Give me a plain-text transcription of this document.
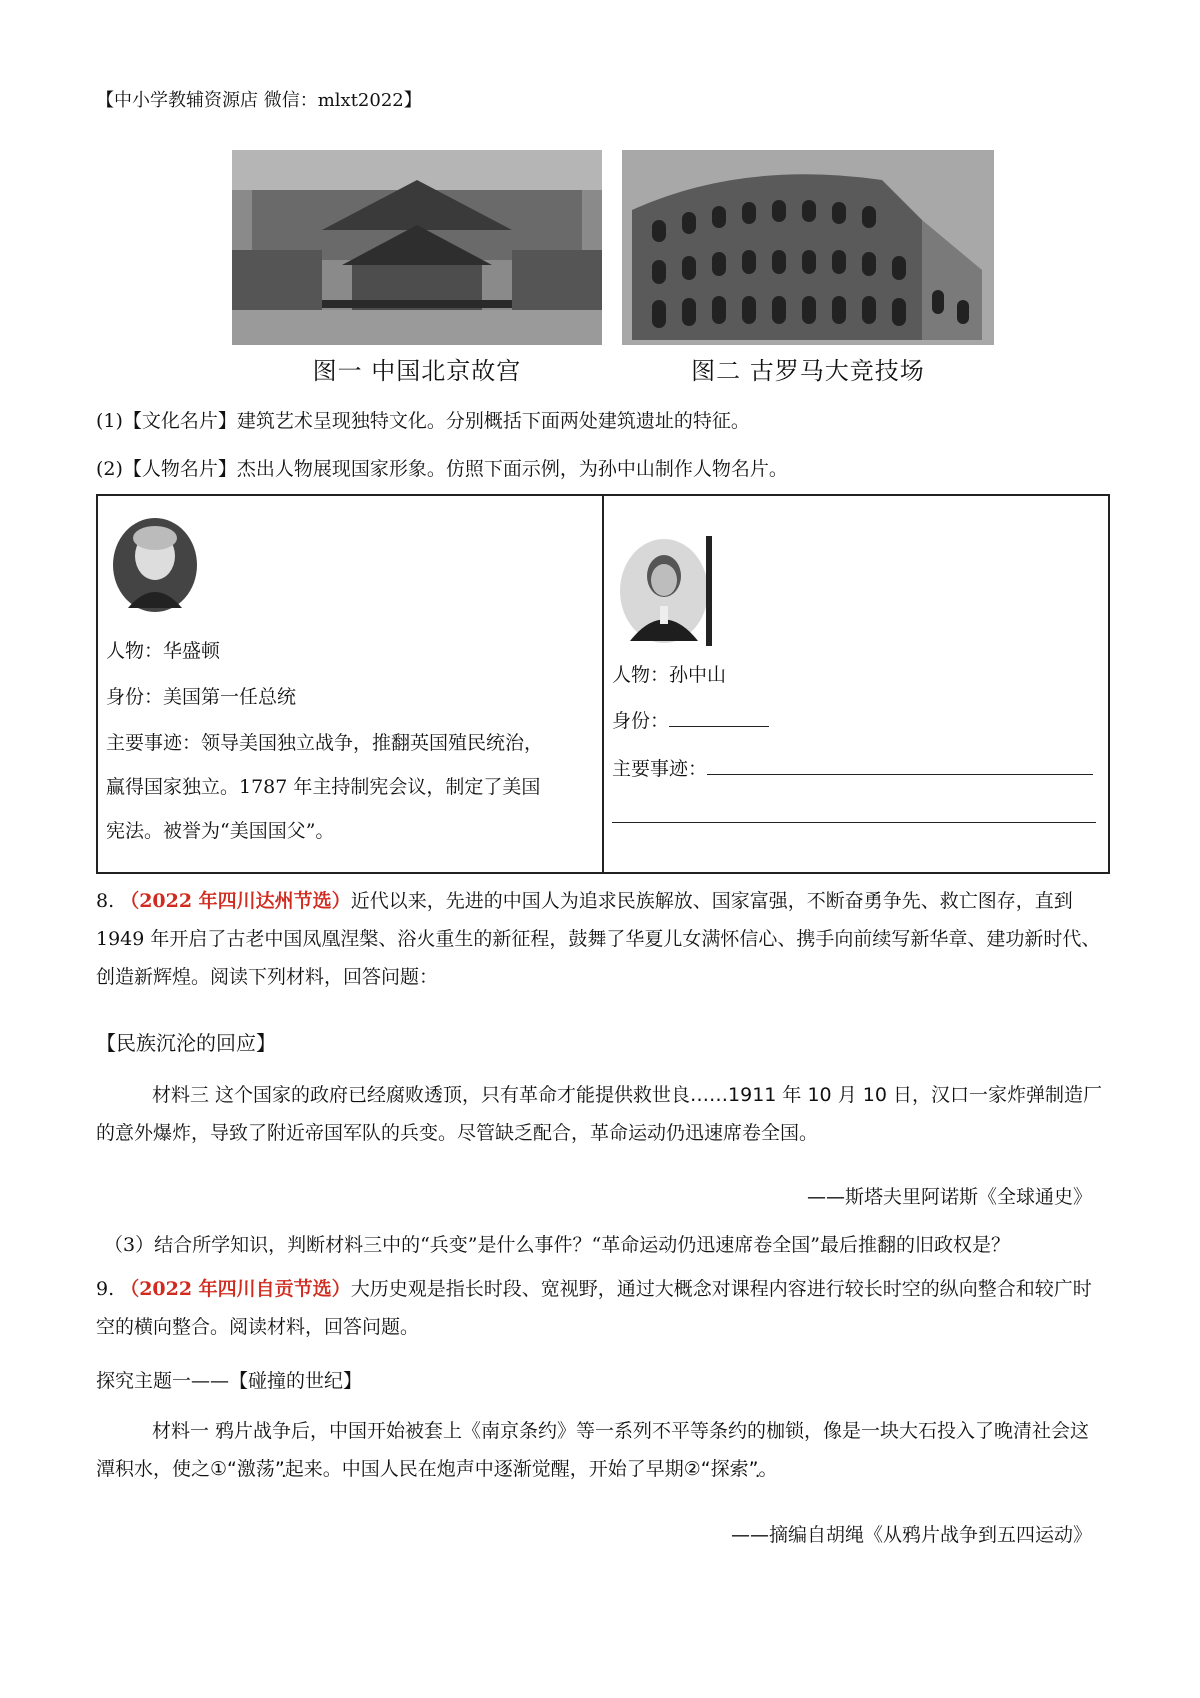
【中小学教辅资源店 微信：mlxt2022】
图一 中国北京故宫	图二 古罗马大竞技场
(1)【文化名片】建筑艺术呈现独特文化。分别概括下面两处建筑遗址的特征。
(2)【人物名片】杰出人物展现国家形象。仿照下面示例，为孙中山制作人物名片。
人物：华盛顿
身份：美国第一任总统
主要事迹：领导美国独立战争，推翻英国殖民统治，
赢得国家独立。1787 年主持制宪会议，制定了美国
宪法。被誉为“美国国父”。
人物：孙中山
身份：
主要事迹：
8. （2022 年四川达州节选）近代以来，先进的中国人为追求民族解放、国家富强，不断奋勇争先、救亡图存，直到 1949 年开启了古老中国凤凰涅槃、浴火重生的新征程，鼓舞了华夏儿女满怀信心、携手向前续写新华章、建功新时代、创造新辉煌。阅读下列材料，回答问题：
【民族沉沦的回应】
材料三 这个国家的政府已经腐败透顶，只有革命才能提供救世良……1911 年 10 月 10 日，汉口一家炸弹制造厂的意外爆炸，导致了附近帝国军队的兵变。尽管缺乏配合，革命运动仍迅速席卷全国。
——斯塔夫里阿诺斯《全球通史》
（3）结合所学知识，判断材料三中的“兵变”是什么事件？“革命运动仍迅速席卷全国”最后推翻的旧政权是？
9. （2022 年四川自贡节选）大历史观是指长时段、宽视野，通过大概念对课程内容进行较长时空的纵向整合和较广时空的横向整合。阅读材料，回答问题。
探究主题一——【碰撞的世纪】
材料一 鸦片战争后，中国开始被套上《南京条约》等一系列不平等条约的枷锁，像是一块大石投入了晚清社会这潭积水，使之①“激荡”起来。中国人民在炮声中逐渐觉醒，开始了早期②“探索”。
——摘编自胡绳《从鸦片战争到五四运动》
